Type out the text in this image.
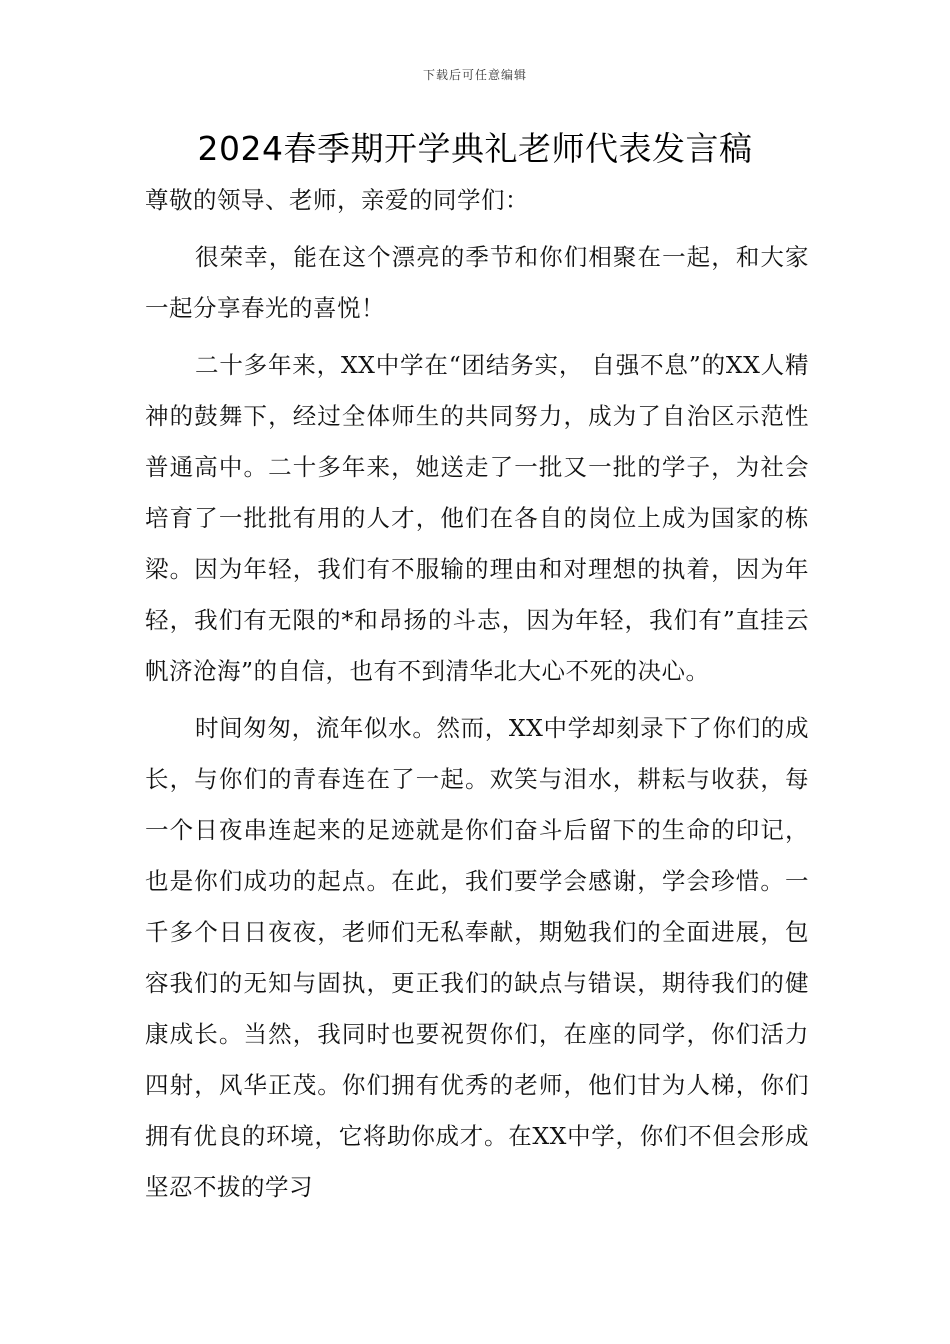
下载后可任意编辑
2024春季期开学典礼老师代表发言稿

尊敬的领导、老师，亲爱的同学们：

很荣幸，能在这个漂亮的季节和你们相聚在一起，和大家一起分享春光的喜悦！

二十多年来，XX中学在“团结务实， 自强不息”的XX人精神的鼓舞下，经过全体师生的共同努力，成为了自治区示范性普通高中。二十多年来，她送走了一批又一批的学子，为社会培育了一批批有用的人才，他们在各自的岗位上成为国家的栋梁。因为年轻，我们有不服输的理由和对理想的执着，因为年轻，我们有无限的*和昂扬的斗志，因为年轻，我们有”直挂云帆济沧海”的自信，也有不到清华北大心不死的决心。

时间匆匆，流年似水。然而，XX中学却刻录下了你们的成长，与你们的青春连在了一起。欢笑与泪水，耕耘与收获，每一个日夜串连起来的足迹就是你们奋斗后留下的生命的印记，也是你们成功的起点。在此，我们要学会感谢，学会珍惜。一千多个日日夜夜，老师们无私奉献，期勉我们的全面进展，包容我们的无知与固执，更正我们的缺点与错误，期待我们的健康成长。当然，我同时也要祝贺你们，在座的同学，你们活力四射，风华正茂。你们拥有优秀的老师，他们甘为人梯，你们拥有优良的环境，它将助你成才。在XX中学，你们不但会形成坚忍不拔的学习
